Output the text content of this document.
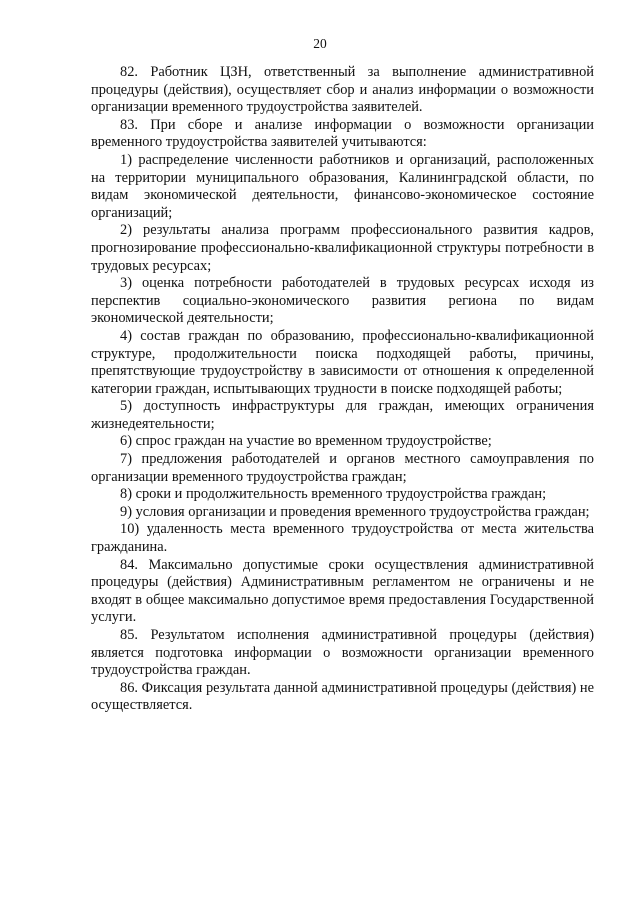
20

82. Работник ЦЗН, ответственный за выполнение административной процедуры (действия), осуществляет сбор и анализ информации о возможности организации временного трудоустройства заявителей.

83. При сборе и анализе информации о возможности организации временного трудоустройства заявителей учитываются:

1) распределение численности работников и организаций, расположенных на территории муниципального образования, Калининградской области, по видам экономической деятельности, финансово-экономическое состояние организаций;

2) результаты анализа программ профессионального развития кадров, прогнозирование профессионально-квалификационной структуры потребности в трудовых ресурсах;

3) оценка потребности работодателей в трудовых ресурсах исходя из перспектив социально-экономического развития региона по видам экономической деятельности;

4) состав граждан по образованию, профессионально-квалификационной структуре, продолжительности поиска подходящей работы, причины, препятствующие трудоустройству в зависимости от отношения к определенной категории граждан, испытывающих трудности в поиске подходящей работы;

5) доступность инфраструктуры для граждан, имеющих ограничения жизнедеятельности;

6) спрос граждан на участие во временном трудоустройстве;

7) предложения работодателей и органов местного самоуправления по организации временного трудоустройства граждан;

8) сроки и продолжительность временного трудоустройства граждан;

9) условия организации и проведения временного трудоустройства граждан;

10) удаленность места временного трудоустройства от места жительства гражданина.

84. Максимально допустимые сроки осуществления административной процедуры (действия) Административным регламентом не ограничены и не входят в общее максимально допустимое время предоставления Государственной услуги.

85. Результатом исполнения административной процедуры (действия) является подготовка информации о возможности организации временного трудоустройства граждан.

86. Фиксация результата данной административной процедуры (действия) не осуществляется.
